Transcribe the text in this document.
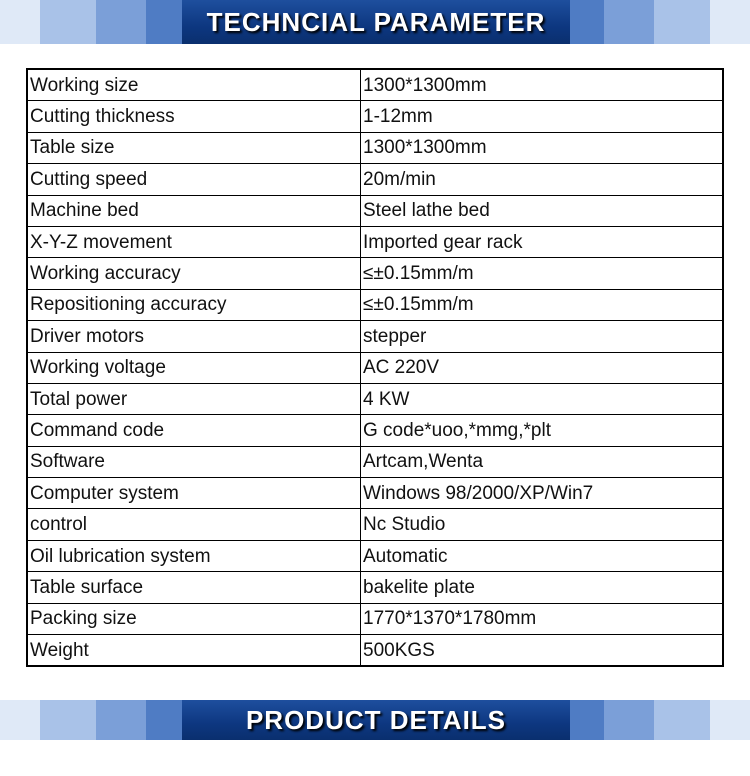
TECHNCIAL PARAMETER
Working size	1300*1300mm
Cutting thickness	1-12mm
Table size	1300*1300mm
Cutting speed	20m/min
Machine bed	Steel lathe bed
X-Y-Z movement	Imported gear rack
Working accuracy	≤±0.15mm/m
Repositioning accuracy	≤±0.15mm/m
Driver motors	stepper
Working voltage	AC 220V
Total power	4 KW
Command code	G code*uoo,*mmg,*plt
Software	Artcam,Wenta
Computer system	Windows 98/2000/XP/Win7
control	Nc Studio
Oil lubrication system	Automatic
Table surface	bakelite plate
Packing size	1770*1370*1780mm
Weight	500KGS
PRODUCT DETAILS
